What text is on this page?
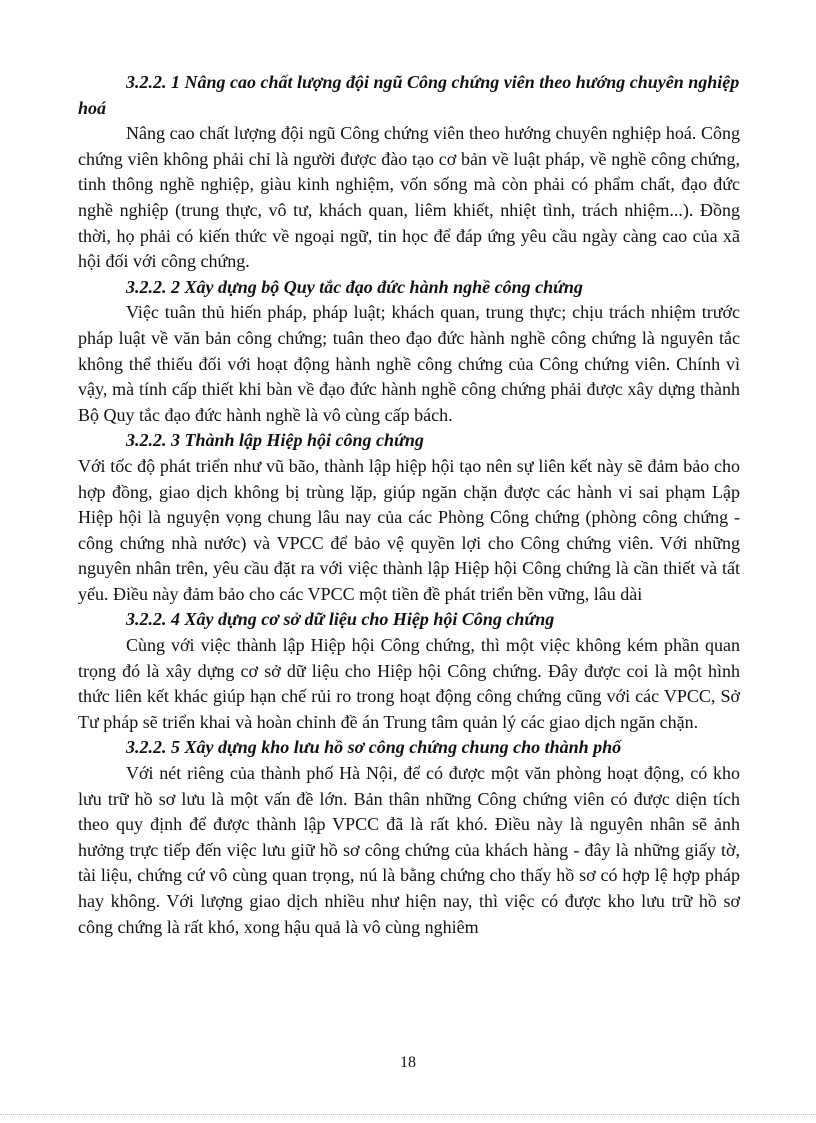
3.2.2. 1 Nâng cao chất lượng đội ngũ Công chứng viên theo hướng chuyên nghiệp hoá

Nâng cao chất lượng đội ngũ Công chứng viên theo hướng chuyên nghiệp hoá. Công chứng viên không phải chỉ là người được đào tạo cơ bản về luật pháp, về nghề công chứng, tinh thông nghề nghiệp, giàu kinh nghiệm, vốn sống mà còn phải có phẩm chất, đạo đức nghề nghiệp (trung thực, vô tư, khách quan, liêm khiết, nhiệt tình, trách nhiệm...). Đồng thời, họ phải có kiến thức về ngoại ngữ, tin học để đáp ứng yêu cầu ngày càng cao của xã hội đối với công chứng.

3.2.2. 2 Xây dựng bộ Quy tắc đạo đức hành nghề công chứng

Việc tuân thủ hiến pháp, pháp luật; khách quan, trung thực; chịu trách nhiệm trước pháp luật về văn bản công chứng; tuân theo đạo đức hành nghề công chứng là nguyên tắc không thể thiếu đối với hoạt động hành nghề công chứng của Công chứng viên. Chính vì vậy, mà tính cấp thiết khi bàn về đạo đức hành nghề công chứng phải được xây dựng thành Bộ Quy tắc đạo đức hành nghề là vô cùng cấp bách.

3.2.2. 3 Thành lập Hiệp hội công chứng

Với tốc độ phát triển như vũ bão, thành lập hiệp hội tạo nên sự liên kết này sẽ đảm bảo cho hợp đồng, giao dịch không bị trùng lặp, giúp ngăn chặn được các hành vi sai phạm Lập Hiệp hội là nguyện vọng chung lâu nay của các Phòng Công chứng (phòng công chứng - công chứng nhà nước) và VPCC để bảo vệ quyền lợi cho Công chứng viên. Với những nguyên nhân trên, yêu cầu đặt ra với việc thành lập Hiệp hội Công chứng là cần thiết và tất yếu. Điều này đảm bảo cho các VPCC một tiền đề phát triển bền vững, lâu dài

3.2.2. 4 Xây dựng cơ sở dữ liệu cho Hiệp hội Công chứng

Cùng với việc thành lập Hiệp hội Công chứng, thì một việc không kém phần quan trọng đó là xây dựng cơ sở dữ liệu cho Hiệp hội Công chứng. Đây được coi là một hình thức liên kết khác giúp hạn chế rủi ro trong hoạt động công chứng cũng với các VPCC, Sở Tư pháp sẽ triển khai và hoàn chỉnh đề án Trung tâm quản lý các giao dịch ngăn chặn.

3.2.2. 5 Xây dựng kho lưu hồ sơ công chứng chung cho thành phố

Với nét riêng của thành phố Hà Nội, để có được một văn phòng hoạt động, có kho lưu trữ hồ sơ lưu là một vấn đề lớn. Bản thân những Công chứng viên có được diện tích theo quy định để được thành lập VPCC đã là rất khó. Điều này là nguyên nhân sẽ ảnh hưởng trực tiếp đến việc lưu giữ hồ sơ công chứng của khách hàng - đây là những giấy tờ, tài liệu, chứng cứ vô cùng quan trọng, nú là bằng chứng cho thấy hồ sơ có hợp lệ hợp pháp hay không. Với lượng giao dịch nhiều như hiện nay, thì việc có được kho lưu trữ hồ sơ công chứng là rất khó, xong hậu quả là vô cùng nghiêm

18
